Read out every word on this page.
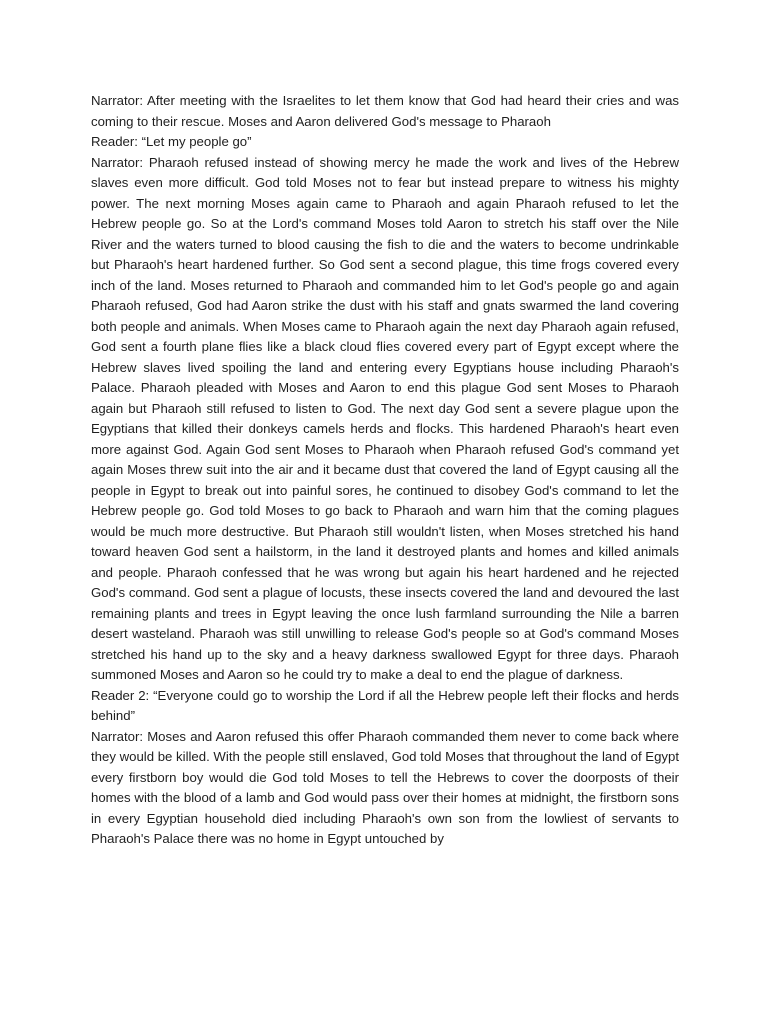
Narrator: After meeting with the Israelites to let them know that God had heard their cries and was coming to their rescue. Moses and Aaron delivered God's message to Pharaoh

Reader: “Let my people go”

Narrator: Pharaoh refused instead of showing mercy he made the work and lives of the Hebrew slaves even more difficult. God told Moses not to fear but instead prepare to witness his mighty power. The next morning Moses again came to Pharaoh and again Pharaoh refused to let the Hebrew people go. So at the Lord's command Moses told Aaron to stretch his staff over the Nile River and the waters turned to blood causing the fish to die and the waters to become undrinkable but Pharaoh's heart hardened further. So God sent a second plague, this time frogs covered every inch of the land. Moses returned to Pharaoh and commanded him to let God's people go and again Pharaoh refused, God had Aaron strike the dust with his staff and gnats swarmed the land covering both people and animals. When Moses came to Pharaoh again the next day Pharaoh again refused, God sent a fourth plane flies like a black cloud flies covered every part of Egypt except where the Hebrew slaves lived spoiling the land and entering every Egyptians house including Pharaoh's Palace. Pharaoh pleaded with Moses and Aaron to end this plague God sent Moses to Pharaoh again but Pharaoh still refused to listen to God. The next day God sent a severe plague upon the Egyptians that killed their donkeys camels herds and flocks. This hardened Pharaoh's heart even more against God. Again God sent Moses to Pharaoh when Pharaoh refused God's command yet again Moses threw suit into the air and it became dust that covered the land of Egypt causing all the people in Egypt to break out into painful sores, he continued to disobey God's command to let the Hebrew people go. God told Moses to go back to Pharaoh and warn him that the coming plagues would be much more destructive. But Pharaoh still wouldn't listen, when Moses stretched his hand toward heaven God sent a hailstorm, in the land it destroyed plants and homes and killed animals and people. Pharaoh confessed that he was wrong but again his heart hardened and he rejected God's command. God sent a plague of locusts, these insects covered the land and devoured the last remaining plants and trees in Egypt leaving the once lush farmland surrounding the Nile a barren desert wasteland. Pharaoh was still unwilling to release God's people so at God's command Moses stretched his hand up to the sky and a heavy darkness swallowed Egypt for three days. Pharaoh summoned Moses and Aaron so he could try to make a deal to end the plague of darkness.

Reader 2: “Everyone could go to worship the Lord if all the Hebrew people left their flocks and herds behind”

Narrator: Moses and Aaron refused this offer Pharaoh commanded them never to come back where they would be killed. With the people still enslaved, God told Moses that throughout the land of Egypt every firstborn boy would die God told Moses to tell the Hebrews to cover the doorposts of their homes with the blood of a lamb and God would pass over their homes at midnight, the firstborn sons in every Egyptian household died including Pharaoh's own son from the lowliest of servants to Pharaoh's Palace there was no home in Egypt untouched by
